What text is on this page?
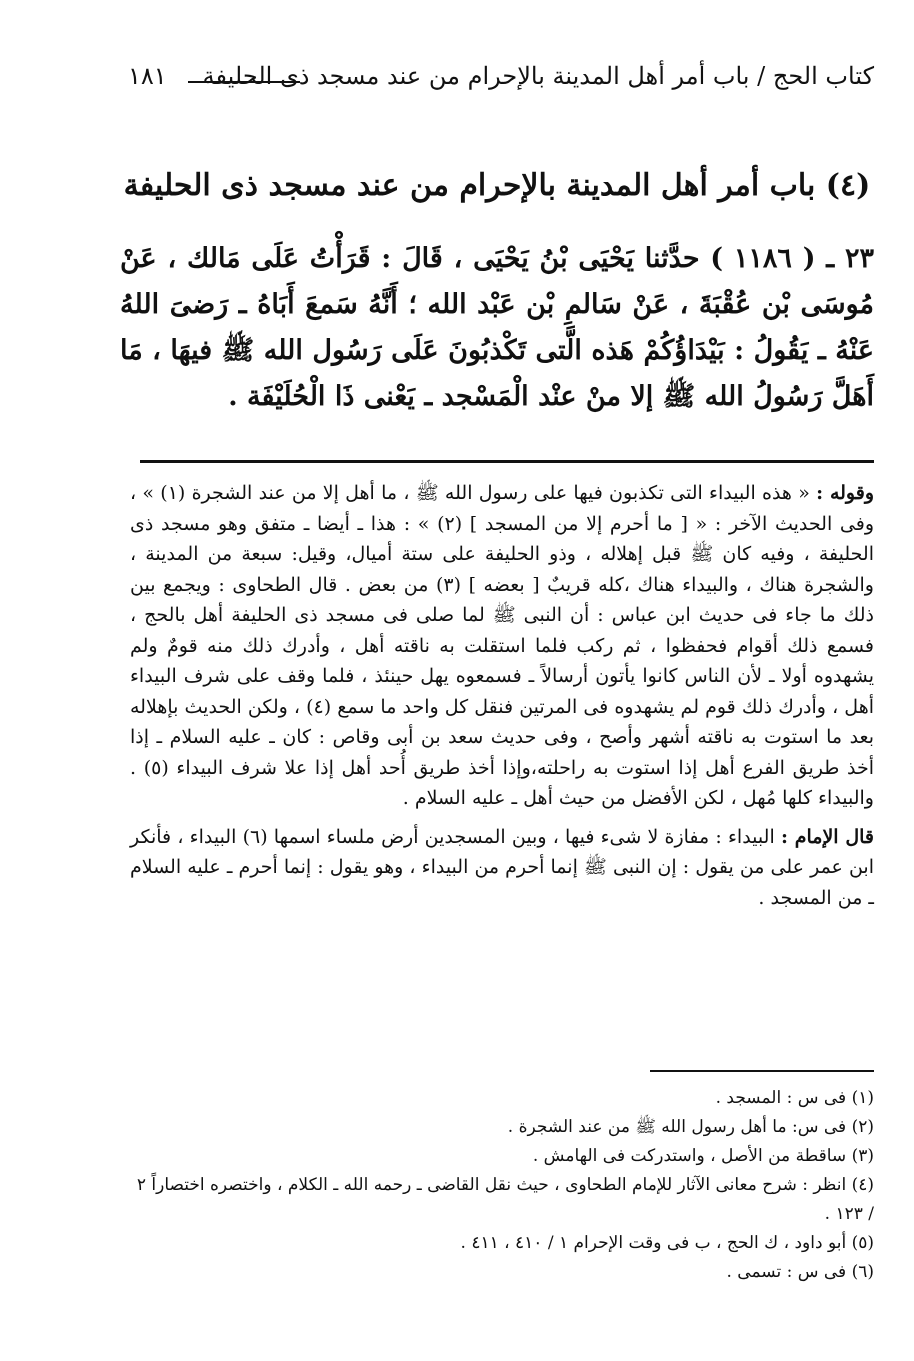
كتاب الحج / باب أمر أهل المدينة بالإحرام من عند مسجد ذى الحليفة
١٨١
(٤) باب أمر أهل المدينة بالإحرام من عند مسجد ذى الحليفة
٢٣ ـ ( ١١٨٦ ) حدَّثنا يَحْيَى بْنُ يَحْيَى ، قَالَ : قَرَأْتُ عَلَى مَالك ، عَنْ مُوسَى بْن عُقْبَةَ ، عَنْ سَالمِ بْن عَبْد الله ؛ أَنَّهُ سَمعَ أَبَاهُ ـ رَضىَ اللهُ عَنْهُ ـ يَقُولُ : بَيْدَاؤُكُمْ هَذه الَّتى تَكْذبُونَ عَلَى رَسُول الله ﷺ فيهَا ، مَا أَهَلَّ رَسُولُ الله ﷺ إلا منْ عنْد الْمَسْجد ـ يَعْنى ذَا الْحُلَيْفَة .

وقوله : « هذه البيداء التى تكذبون فيها على رسول الله ﷺ ، ما أهل إلا من عند الشجرة (١) » ، وفى الحديث الآخر : « [ ما أحرم إلا من المسجد ] (٢) » : هذا ـ أيضا ـ متفق وهو مسجد ذى الحليفة ، وفيه كان ﷺ قبل إهلاله ، وذو الحليفة على ستة أميال، وقيل: سبعة من المدينة ، والشجرة هناك ، والبيداء هناك ،كله قريبٌ [ بعضه ] (٣) من بعض . قال الطحاوى : ويجمع بين ذلك ما جاء فى حديث ابن عباس : أن النبى ﷺ لما صلى فى مسجد ذى الحليفة أهل بالحج ، فسمع ذلك أقوام فحفظوا ، ثم ركب فلما استقلت به ناقته أهل ، وأدرك ذلك منه قومٌ ولم يشهدوه أولا ـ لأن الناس كانوا يأتون أرسالاً ـ فسمعوه يهل حينئذ ، فلما وقف على شرف البيداء أهل ، وأدرك ذلك قوم لم يشهدوه فى المرتين فنقل كل واحد ما سمع (٤) ، ولكن الحديث بإهلاله بعد ما استوت به ناقته أشهر وأصح ، وفى حديث سعد بن أبى وقاص : كان ـ عليه السلام ـ إذا أخذ طريق الفرع أهل إذا استوت به راحلته،وإذا أخذ طريق أُحد أهل إذا علا شرف البيداء (٥) . والبيداء كلها مُهل ، لكن الأفضل من حيث أهل ـ عليه السلام .

قال الإمام : البيداء : مفازة لا شىء فيها ، وبين المسجدين أرض ملساء اسمها (٦) البيداء ، فأنكر ابن عمر على من يقول : إن النبى ﷺ إنما أحرم من البيداء ، وهو يقول : إنما أحرم ـ عليه السلام ـ من المسجد .

(١) فى س : المسجد .

(٢) فى س: ما أهل رسول الله ﷺ من عند الشجرة .

(٣) ساقطة من الأصل ، واستدركت فى الهامش .

(٤) انظر : شرح معانى الآثار للإمام الطحاوى ، حيث نقل القاضى ـ رحمه الله ـ الكلام ، واختصره اختصاراً ٢ / ١٢٣ .

(٥) أبو داود ، ك الحج ، ب فى وقت الإحرام ١ / ٤١٠ ، ٤١١ .

(٦) فى س : تسمى .
